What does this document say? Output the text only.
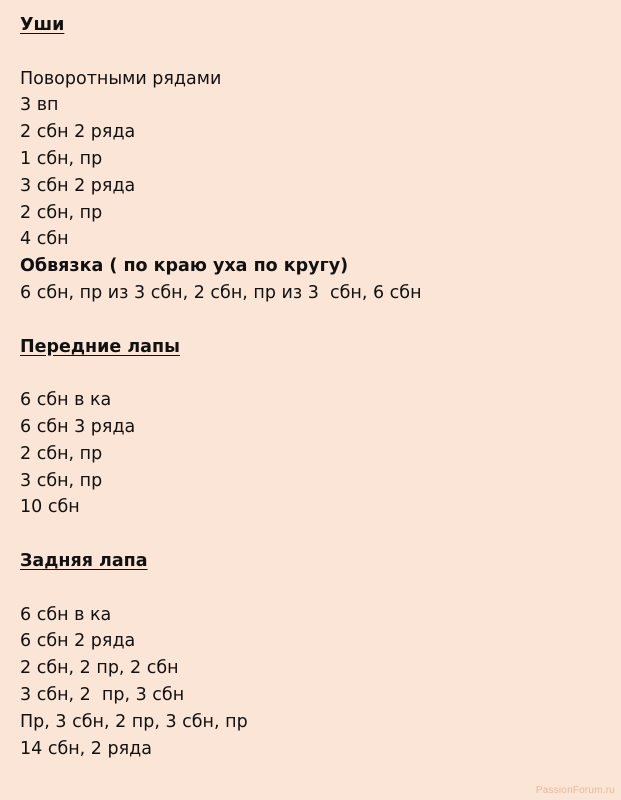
Уши
Поворотными рядами
3 вп
2 сбн 2 ряда
1 сбн, пр
3 сбн 2 ряда
2 сбн, пр
4 сбн
Обвязка ( по краю уха по кругу)
6 сбн, пр из 3 сбн, 2 сбн, пр из 3  сбн, 6 сбн
Передние лапы
6 сбн в ка
6 сбн 3 ряда
2 сбн, пр
3 сбн, пр
10 сбн
Задняя лапа
6 сбн в ка
6 сбн 2 ряда
2 сбн, 2 пр, 2 сбн
3 сбн, 2  пр, 3 сбн
Пр, 3 сбн, 2 пр, 3 сбн, пр
14 сбн, 2 ряда
PassionForum.ru
